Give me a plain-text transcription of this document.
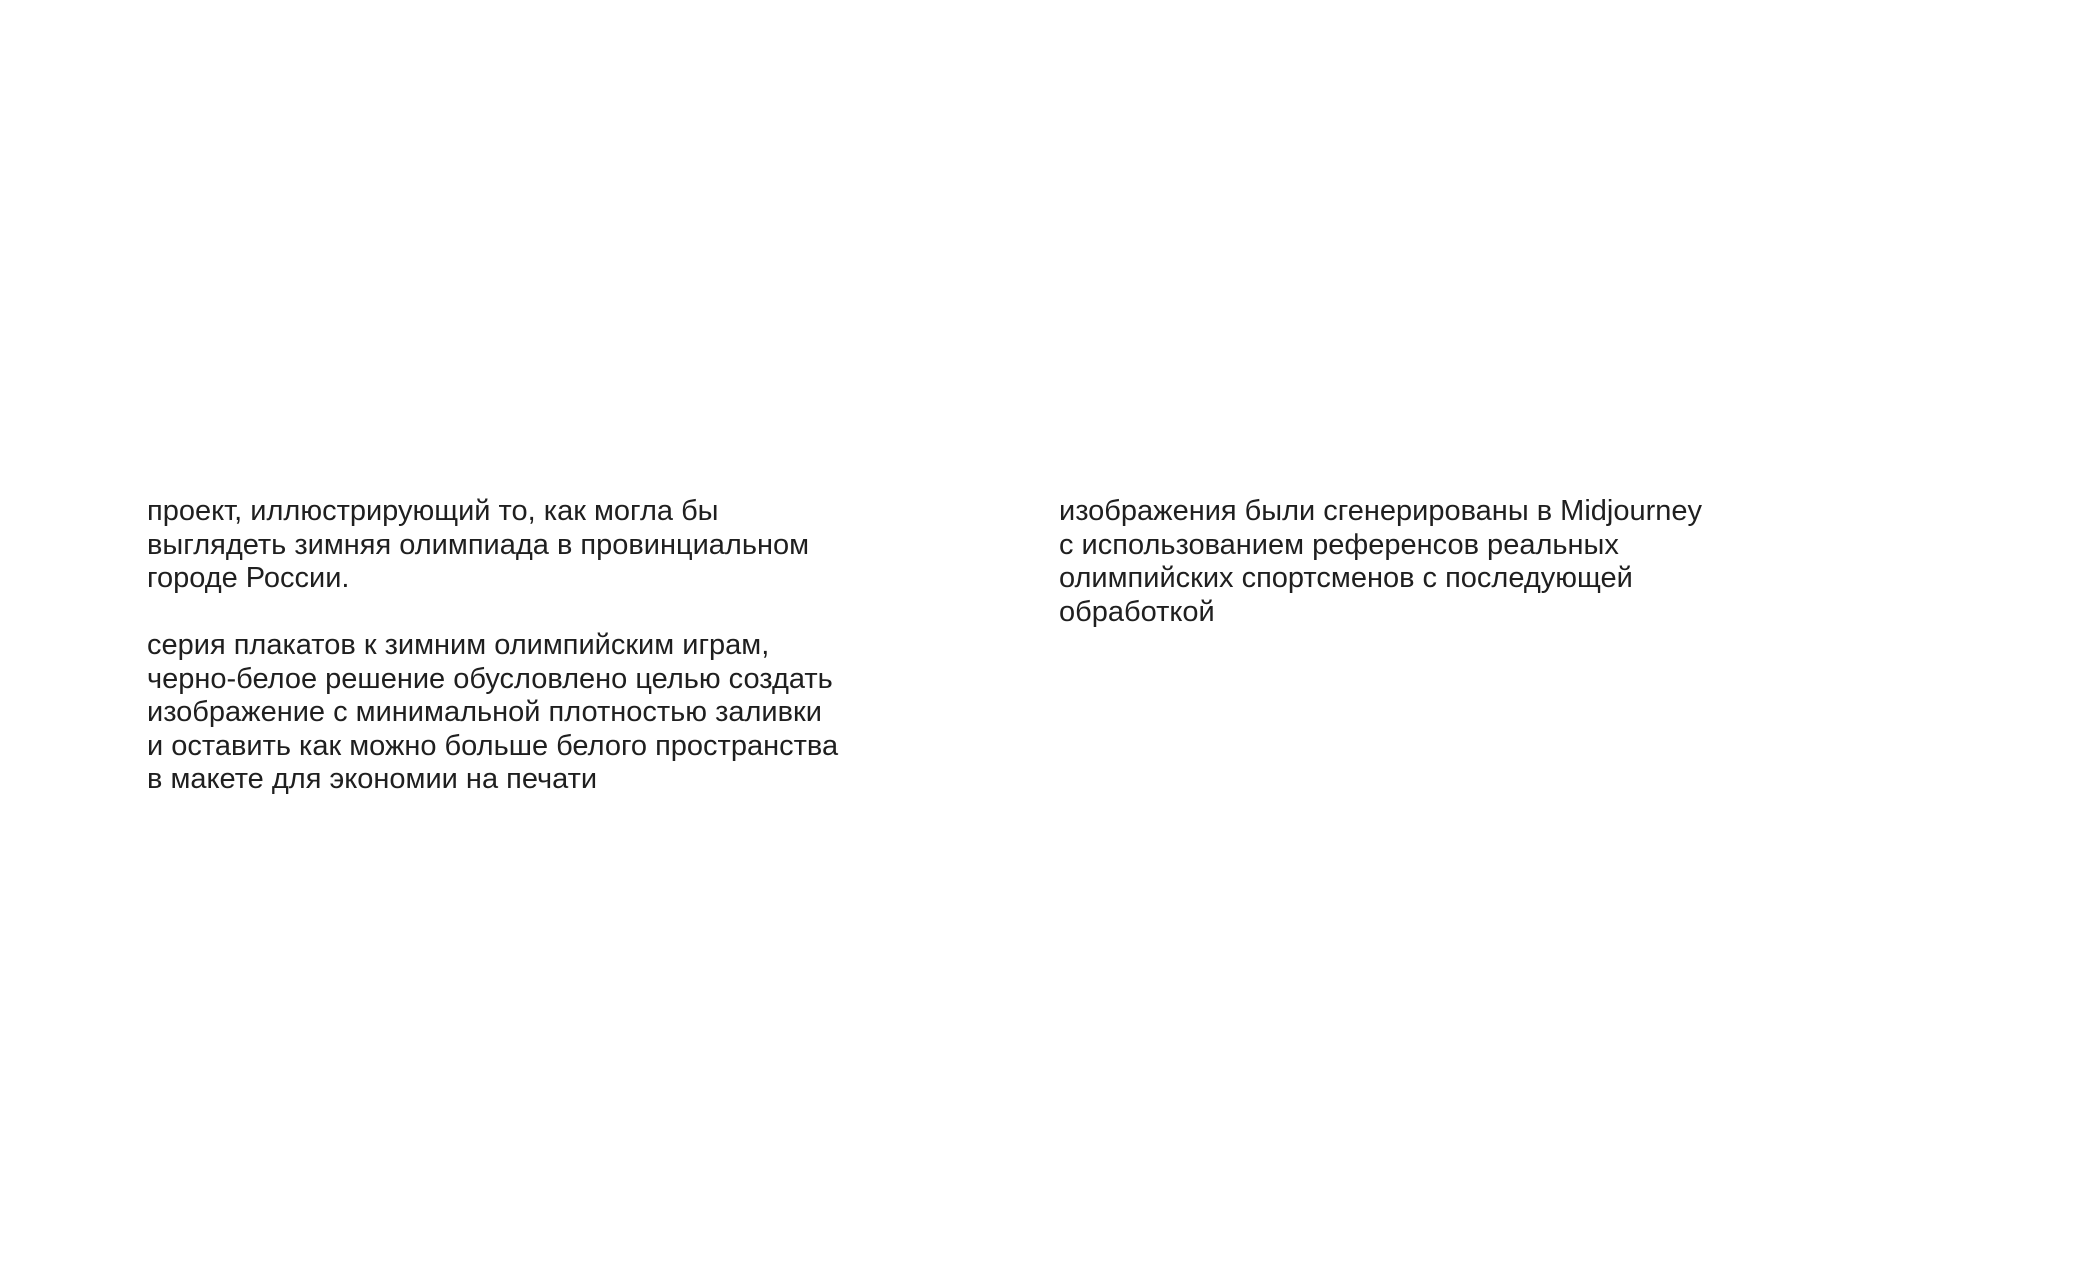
проект, иллюстрирующий то, как могла бы
выглядеть зимняя олимпиада в провинциальном
городе России.

серия плакатов к зимним олимпийским играм,
черно-белое решение обусловлено целью создать
изображение с минимальной плотностью заливки
и оставить как можно больше белого пространства
в макете для экономии на печати

изображения были сгенерированы в Midjourney
с использованием референсов реальных
олимпийских спортсменов с последующей
обработкой
